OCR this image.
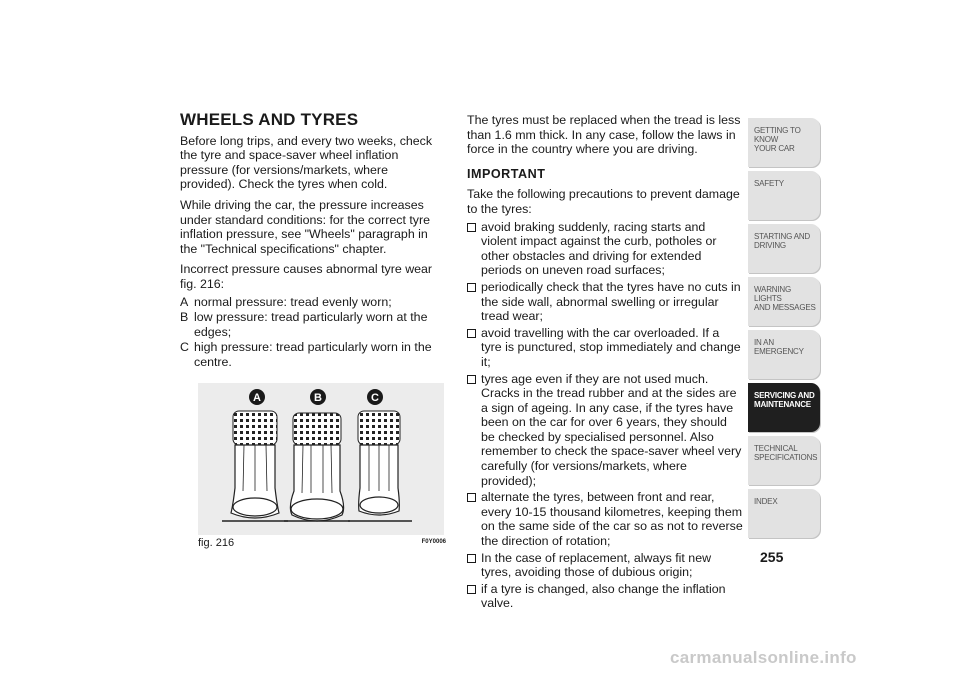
WHEELS AND TYRES

Before long trips, and every two weeks, check the tyre and space-saver wheel inflation pressure (for versions/markets, where provided). Check the tyres when cold.

While driving the car, the pressure increases under standard conditions: for the correct tyre inflation pressure, see "Wheels" paragraph in the "Technical specifications" chapter.

Incorrect pressure causes abnormal tyre wear fig. 216:

A normal pressure: tread evenly worn;
B low pressure: tread particularly worn at the edges;
C high pressure: tread particularly worn in the centre.
A	B	C
fig. 216	F0Y0006

The tyres must be replaced when the tread is less than 1.6 mm thick. In any case, follow the laws in force in the country where you are driving.

IMPORTANT

Take the following precautions to prevent damage to the tyres:

avoid braking suddenly, racing starts and violent impact against the curb, potholes or other obstacles and driving for extended periods on uneven road surfaces;
periodically check that the tyres have no cuts in the side wall, abnormal swelling or irregular tread wear;
avoid travelling with the car overloaded. If a tyre is punctured, stop immediately and change it;
tyres age even if they are not used much. Cracks in the tread rubber and at the sides are a sign of ageing. In any case, if the tyres have been on the car for over 6 years, they should be checked by specialised personnel. Also remember to check the space-saver wheel very carefully (for versions/markets, where provided);
alternate the tyres, between front and rear, every 10-15 thousand kilometres, keeping them on the same side of the car so as not to reverse the direction of rotation;
In the case of replacement, always fit new tyres, avoiding those of dubious origin;
if a tyre is changed, also change the inflation valve.
GETTING TO KNOW
YOUR CAR
SAFETY
STARTING AND
DRIVING
WARNING LIGHTS
AND MESSAGES
IN AN EMERGENCY
SERVICING AND
MAINTENANCE
TECHNICAL
SPECIFICATIONS
INDEX
255
carmanualsonline.info
